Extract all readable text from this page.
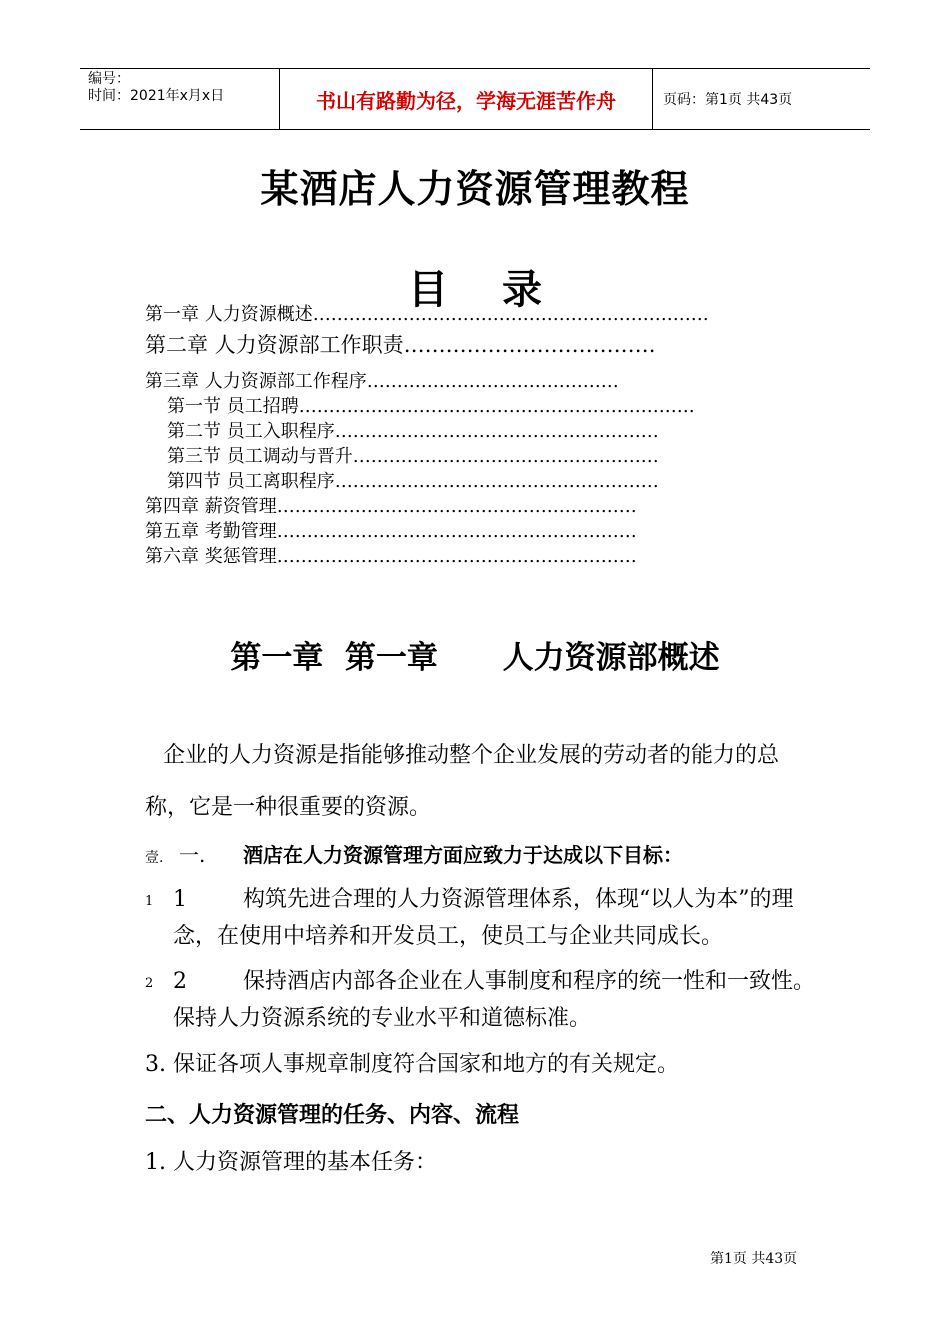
编号：
时间：2021年x月x日	书山有路勤为径，学海无涯苦作舟	页码：第1页 共43页
某酒店人力资源管理教程
目 录
第一章 人力资源概述…………………………………………………………
第二章 人力资源部工作职责………………………………
第三章 人力资源部工作程序……………………………………
第一节 员工招聘…………………………………………………………
第二节 员工入职程序………………………………………………
第三节 员工调动与晋升……………………………………………
第四节 员工离职程序………………………………………………
第四章 薪资管理……………………………………………………
第五章 考勤管理……………………………………………………
第六章 奖惩管理……………………………………………………
第一章  第一章      人力资源部概述
企业的人力资源是指能够推动整个企业发展的劳动者的能力的总称，它是一种很重要的资源。
壹. 一.	酒店在人力资源管理方面应致力于达成以下目标：
1 1	构筑先进合理的人力资源管理体系，体现“以人为本”的理念，在使用中培养和开发员工，使员工与企业共同成长。
2 2	保持酒店内部各企业在人事制度和程序的统一性和一致性。保持人力资源系统的专业水平和道德标准。
3. 保证各项人事规章制度符合国家和地方的有关规定。
二、人力资源管理的任务、内容、流程
1. 人力资源管理的基本任务：
第1页 共43页
